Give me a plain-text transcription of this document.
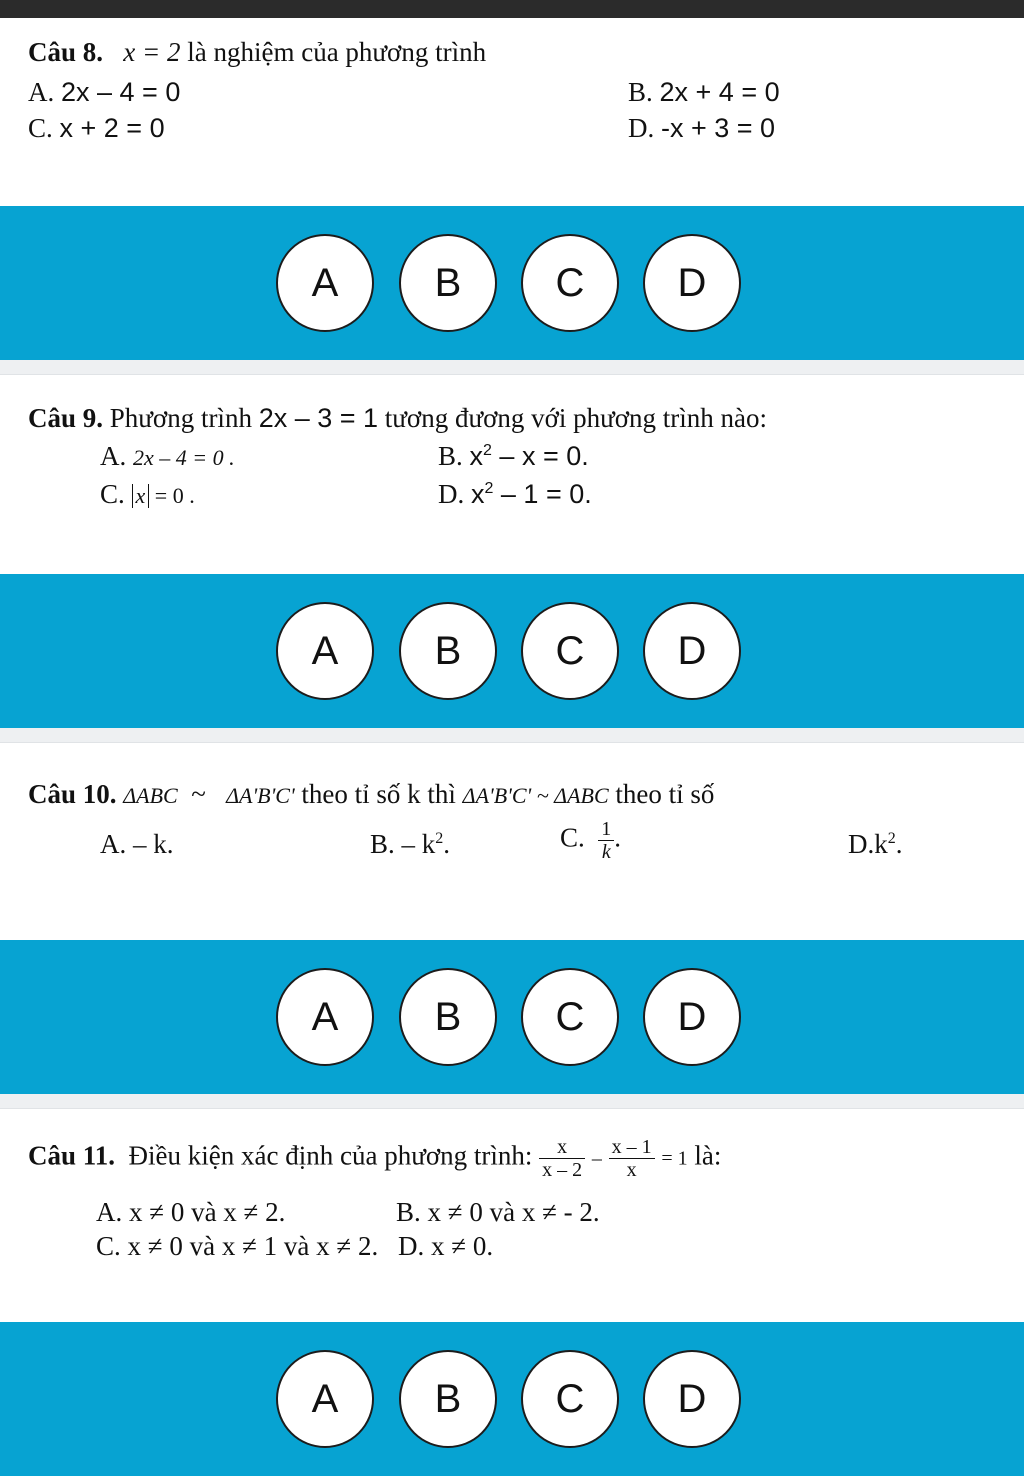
Câu 8. x = 2 là nghiệm của phương trình
A. 2x – 4 = 0	B. 2x + 4 = 0
C. x + 2 = 0	D. -x + 3 = 0
A	B	C	D
Câu 9. Phương trình 2x – 3 = 1 tương đương với phương trình nào:
A. 2x – 4 = 0 .	B. $x^2 - x = 0$.
C. x = 0 .	D. $x^2 - 1 = 0$.
A	B	C	D
Câu 10. ΔABC ~ ΔA'B'C' theo tỉ số k thì ΔA'B'C' ~ ΔABC theo tỉ số
A. – k.	B. – $k^2$.	C. $\frac{1}{k}$ .	$D.k^2$.
A	B	C	D
Câu 11. Điều kiện xác định của phương trình: $\frac{x}{x - 2} - \frac{x - 1}{x} = 1$ là:
A. x ≠ 0 và x ≠ 2.	B. x ≠ 0 và x ≠ - 2.
C. x ≠ 0 và x ≠ 1 và x ≠ 2. D. x ≠ 0.
A	B	C	D
